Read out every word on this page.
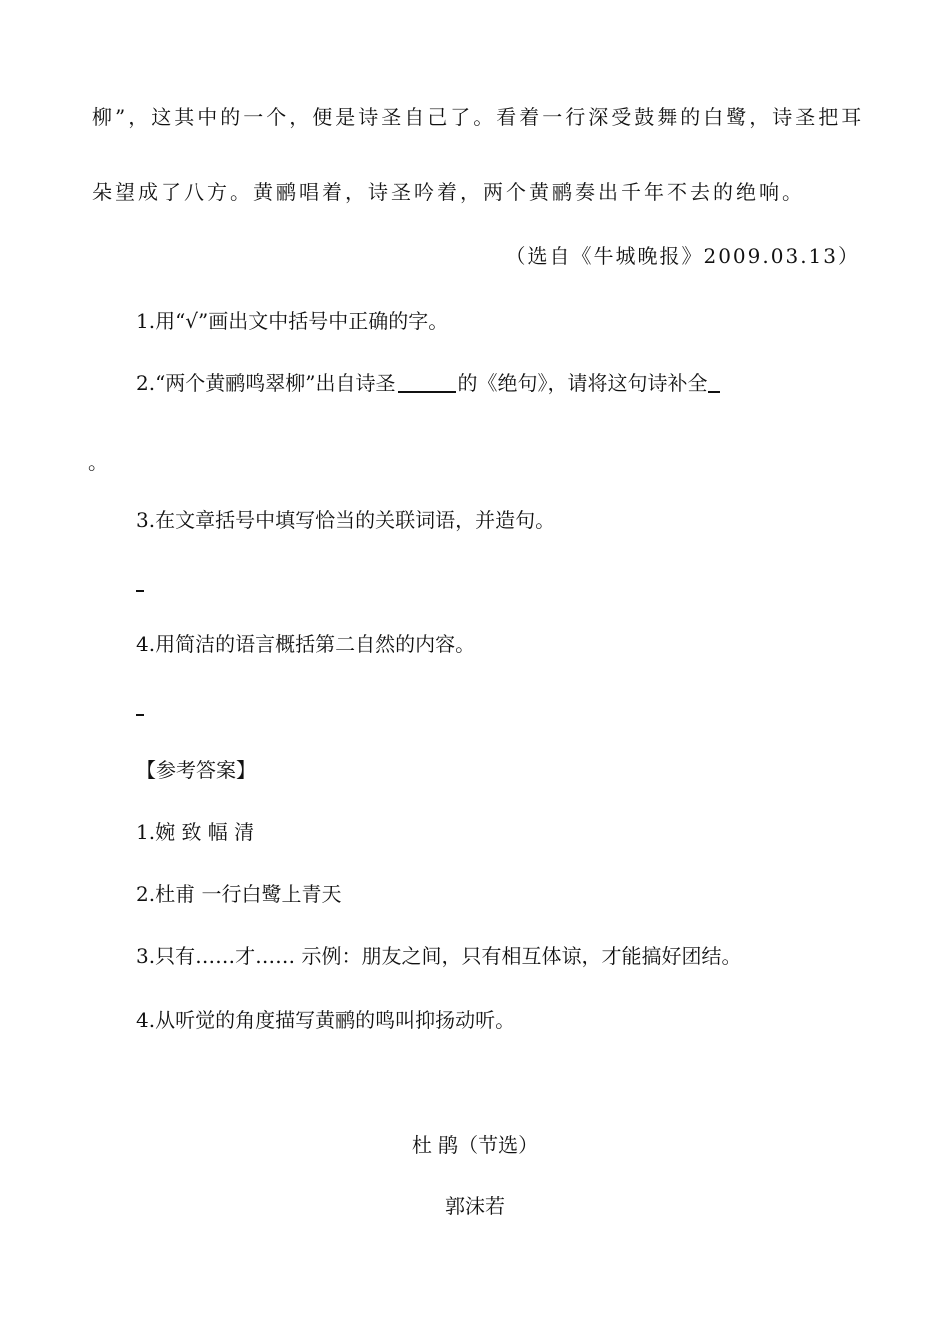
柳”，这其中的一个，便是诗圣自己了。看着一行深受鼓舞的白鹭，诗圣把耳
朵望成了八方。黄鹂唱着，诗圣吟着，两个黄鹂奏出千年不去的绝响。
（选自《牛城晚报》2009.03.13）
1.用“√”画出文中括号中正确的字。
2.“两个黄鹂鸣翠柳”出自诗圣	的《绝句》，请将这句诗补全
。
3.在文章括号中填写恰当的关联词语，并造句。
4.用简洁的语言概括第二自然的内容。
【参考答案】
1.婉 致 幅 清
2.杜甫 一行白鹭上青天
3.只有……才…… 示例：朋友之间，只有相互体谅，才能搞好团结。
4.从听觉的角度描写黄鹂的鸣叫抑扬动听。
杜 鹃（节选）
郭沫若
